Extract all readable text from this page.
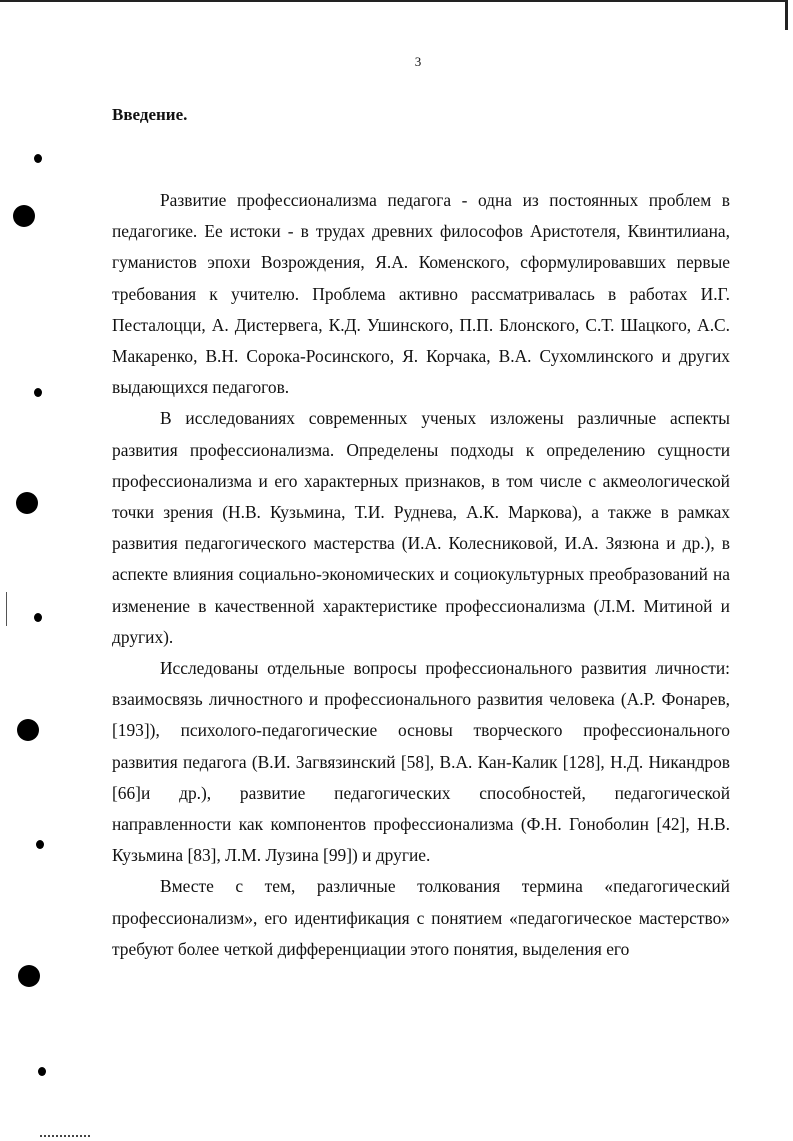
3
Введение.

Развитие профессионализма педагога - одна из постоянных проблем в педагогике. Ее истоки - в трудах древних философов Аристотеля, Квинтилиана, гуманистов эпохи Возрождения, Я.А. Коменского, сформулировавших первые требования к учителю. Проблема активно рассматривалась в работах И.Г. Песталоцци, А. Дистервега, К.Д. Ушинского, П.П. Блонского, С.Т. Шацкого, А.С. Макаренко, В.Н. Сорока-Росинского, Я. Корчака, В.А. Сухомлинского и других выдающихся педагогов.

В исследованиях современных ученых изложены различные аспекты развития профессионализма. Определены подходы к определению сущности профессионализма и его характерных признаков, в том числе с акмеологической точки зрения (Н.В. Кузьмина, Т.И. Руднева, А.К. Маркова), а также в рамках развития педагогического мастерства (И.А. Колесниковой, И.А. Зязюна и др.), в аспекте влияния социально-экономических и социокультурных преобразований на изменение в качественной характеристике профессионализма (Л.М. Митиной и других).

Исследованы отдельные вопросы профессионального развития личности: взаимосвязь личностного и профессионального развития человека (А.Р. Фонарев, [193]), психолого-педагогические основы творческого профессионального развития педагога (В.И. Загвязинский [58], В.А. Кан-Калик [128], Н.Д. Никандров [66]и др.), развитие педагогических способностей, педагогической направленности как компонентов профессионализма (Ф.Н. Гоноболин [42], Н.В. Кузьмина [83], Л.М. Лузина [99]) и другие.

Вместе с тем, различные толкования термина «педагогический профессионализм», его идентификация с понятием «педагогическое мастерство» требуют более четкой дифференциации этого понятия, выделения его
